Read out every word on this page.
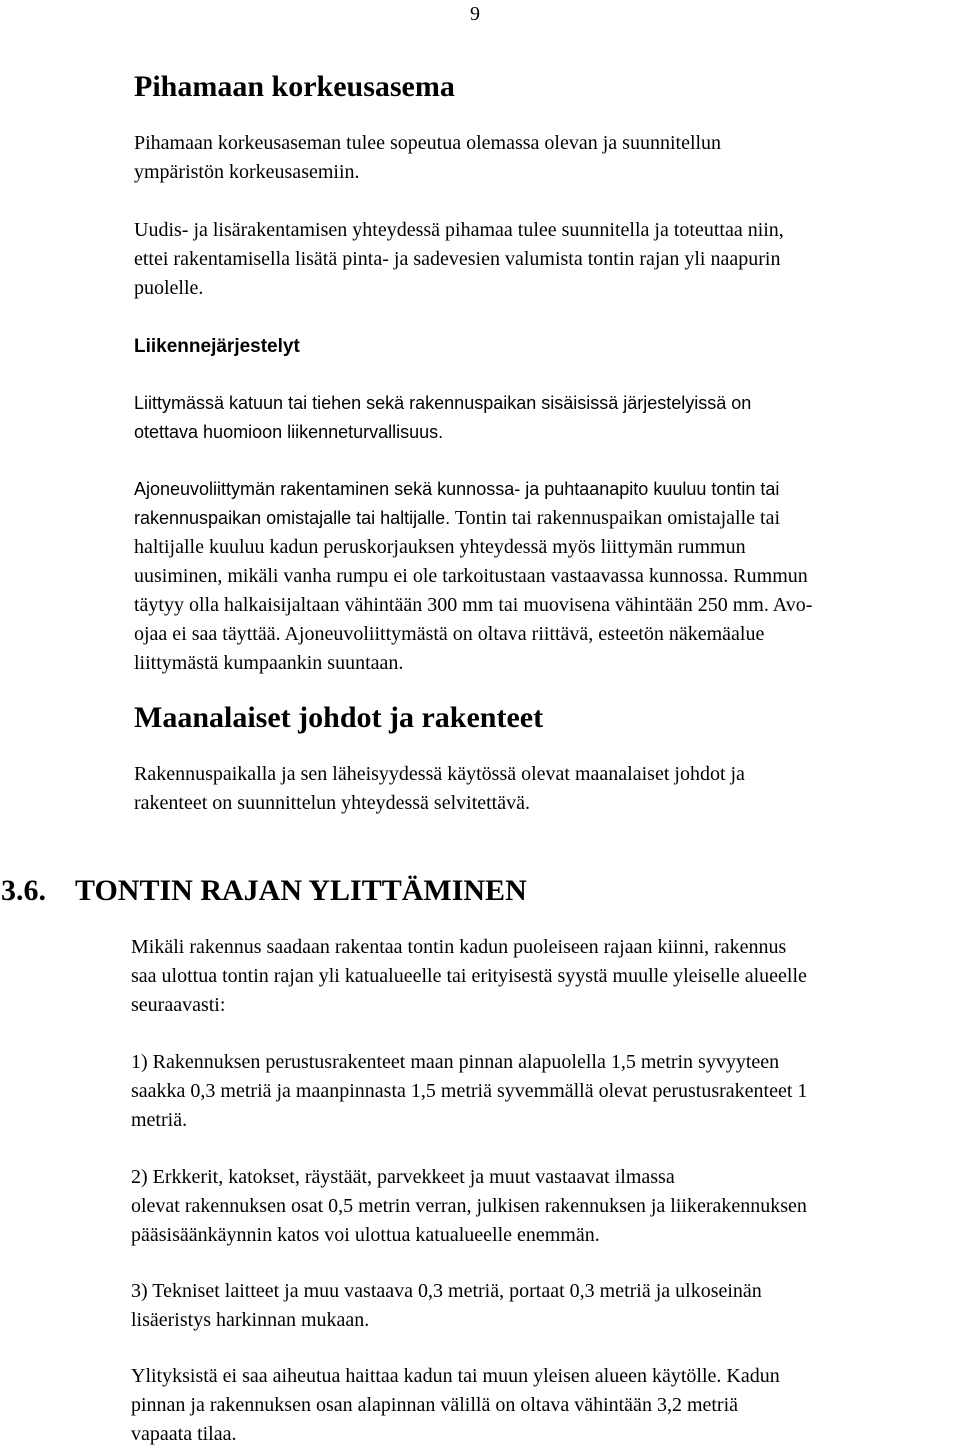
9
Pihamaan korkeusasema

Pihamaan korkeusaseman tulee sopeutua olemassa olevan ja suunnitellun
ympäristön korkeusasemiin.

Uudis- ja lisärakentamisen yhteydessä pihamaa tulee suunnitella ja toteuttaa niin,
ettei rakentamisella lisätä pinta- ja sadevesien valumista tontin rajan yli naapurin
puolelle.

Liikennejärjestelyt

Liittymässä katuun tai tiehen sekä rakennuspaikan sisäisissä järjestelyissä on
otettava huomioon liikenneturvallisuus.

Ajoneuvoliittymän rakentaminen sekä kunnossa- ja puhtaanapito kuuluu tontin tai
rakennuspaikan omistajalle tai haltijalle. Tontin tai rakennuspaikan omistajalle tai
haltijalle kuuluu kadun peruskorjauksen yhteydessä myös liittymän rummun
uusiminen, mikäli vanha rumpu ei ole tarkoitustaan vastaavassa kunnossa. Rummun
täytyy olla halkaisijaltaan vähintään 300 mm tai muovisena vähintään 250 mm. Avo-
ojaa ei saa täyttää. Ajoneuvoliittymästä on oltava riittävä, esteetön näkemäalue
liittymästä kumpaankin suuntaan.

Maanalaiset johdot ja rakenteet

Rakennuspaikalla ja sen läheisyydessä käytössä olevat maanalaiset johdot ja
rakenteet on suunnittelun yhteydessä selvitettävä.

3.6. TONTIN RAJAN YLITTÄMINEN

Mikäli rakennus saadaan rakentaa tontin kadun puoleiseen rajaan kiinni, rakennus
saa ulottua tontin rajan yli katualueelle tai erityisestä syystä muulle yleiselle alueelle
seuraavasti:

1) Rakennuksen perustusrakenteet maan pinnan alapuolella 1,5 metrin syvyyteen
saakka 0,3 metriä ja maanpinnasta 1,5 metriä syvemmällä olevat perustusrakenteet 1
metriä.

2) Erkkerit, katokset, räystäät, parvekkeet ja muut vastaavat ilmassa
olevat rakennuksen osat 0,5 metrin verran, julkisen rakennuksen ja liikerakennuksen
pääsisäänkäynnin katos voi ulottua katualueelle enemmän.

3) Tekniset laitteet ja muu vastaava 0,3 metriä, portaat 0,3 metriä ja ulkoseinän
lisäeristys harkinnan mukaan.

Ylityksistä ei saa aiheutua haittaa kadun tai muun yleisen alueen käytölle. Kadun
pinnan ja rakennuksen osan alapinnan välillä on oltava vähintään 3,2 metriä
vapaata tilaa.
